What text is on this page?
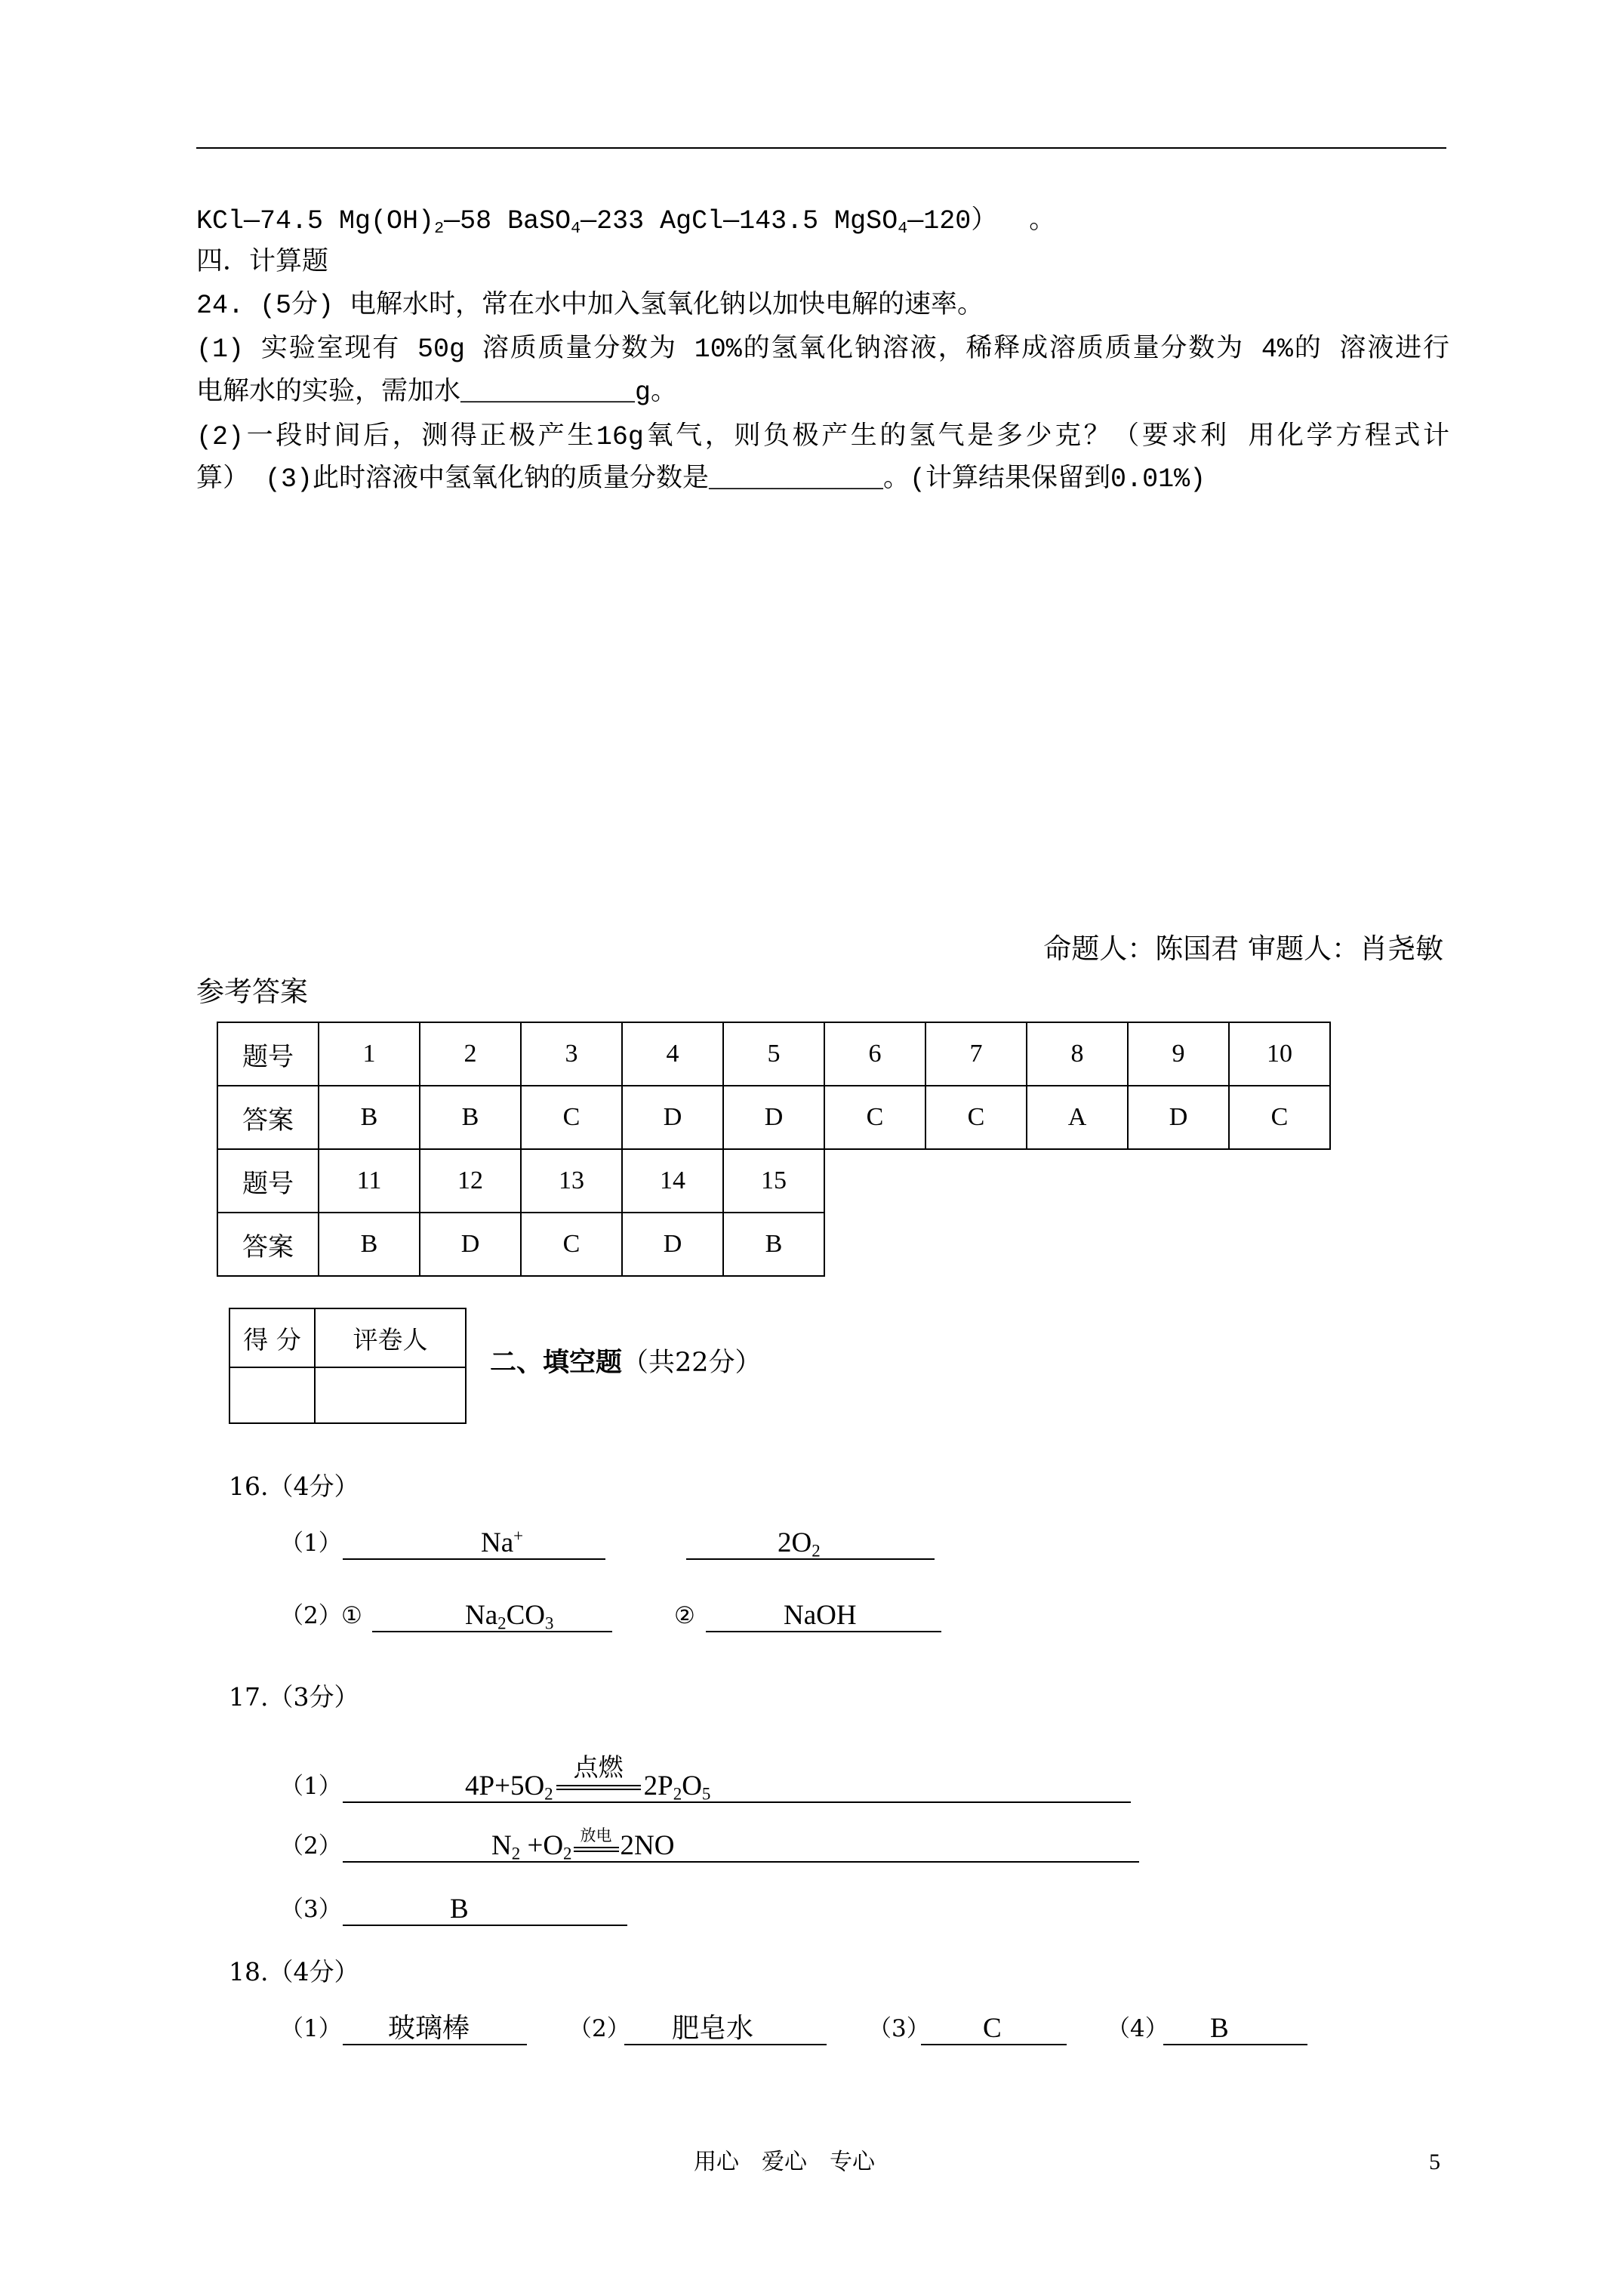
KCl—74.5 $Mg(OH)_2—58$ BaSO$_4$—233 AgCl—143.5 MgSO$_4$—120）  。
四．计算题
24. (5分) 电解水时，常在水中加入氢氧化钠以加快电解的速率。
(1) 实验室现有 50g 溶质质量分数为 10%的氢氧化钠溶液，稀释成溶质质量分数为 4%的 溶液进行
电解水的实验，需加水___________g。
(2)一段时间后，测得正极产生16g氧气，则负极产生的氢气是多少克？（要求利 用化学方程式计
算） (3)此时溶液中氢氧化钠的质量分数是___________。(计算结果保留到0.01%)
命题人：陈国君 审题人：肖尧敏
参考答案
题号	1	2	3	4	5	6	7	8	9	10
答案	B	B	C	D	D	C	C	A	D	C
题号	11	12	13	14	15					
答案	B	D	C	D	B					
得 分	评卷人

二、填空题（共22分）
16.（4分）
（1）	Na+	$2O_2$
（2） ①	$Na_2CO_3$	②	NaOH
17.（3分）
（1）	$4P+5O_2$
点燃
$2P_2O_5$
（2）	$N_2 +O_2$
放电 2NO
（3）	B
18.（4分）
（1）	玻璃棒	（2）	肥皂水	（3）	C	（4）	B
用心　爱心　专心	5
